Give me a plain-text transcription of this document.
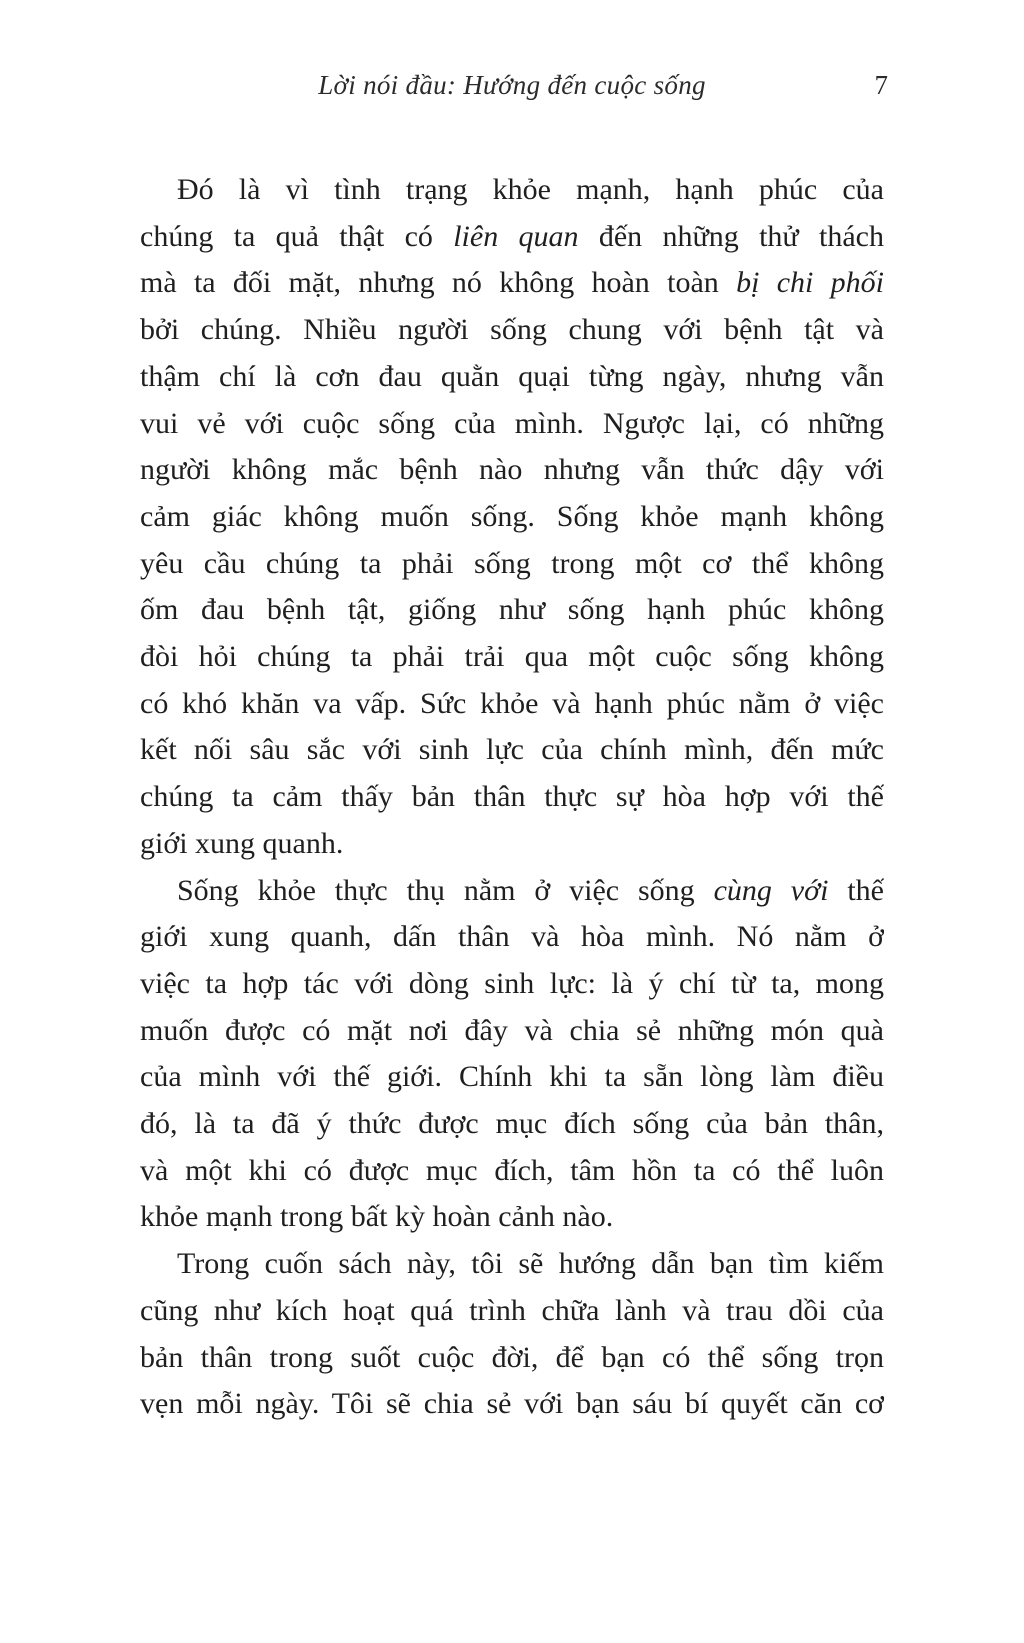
Lời nói đầu: Hướng đến cuộc sống	7
Đó là vì tình trạng khỏe mạnh, hạnh phúc của
chúng ta quả thật có liên quan đến những thử thách
mà ta đối mặt, nhưng nó không hoàn toàn bị chi phối
bởi chúng. Nhiều người sống chung với bệnh tật và
thậm chí là cơn đau quằn quại từng ngày, nhưng vẫn
vui vẻ với cuộc sống của mình. Ngược lại, có những
người không mắc bệnh nào nhưng vẫn thức dậy với
cảm giác không muốn sống. Sống khỏe mạnh không
yêu cầu chúng ta phải sống trong một cơ thể không
ốm đau bệnh tật, giống như sống hạnh phúc không
đòi hỏi chúng ta phải trải qua một cuộc sống không
có khó khăn va vấp. Sức khỏe và hạnh phúc nằm ở việc
kết nối sâu sắc với sinh lực của chính mình, đến mức
chúng ta cảm thấy bản thân thực sự hòa hợp với thế
giới xung quanh.
Sống khỏe thực thụ nằm ở việc sống cùng với thế
giới xung quanh, dấn thân và hòa mình. Nó nằm ở
việc ta hợp tác với dòng sinh lực: là ý chí từ ta, mong
muốn được có mặt nơi đây và chia sẻ những món quà
của mình với thế giới. Chính khi ta sẵn lòng làm điều
đó, là ta đã ý thức được mục đích sống của bản thân,
và một khi có được mục đích, tâm hồn ta có thể luôn
khỏe mạnh trong bất kỳ hoàn cảnh nào.
Trong cuốn sách này, tôi sẽ hướng dẫn bạn tìm kiếm
cũng như kích hoạt quá trình chữa lành và trau dồi của
bản thân trong suốt cuộc đời, để bạn có thể sống trọn
vẹn mỗi ngày. Tôi sẽ chia sẻ với bạn sáu bí quyết căn cơ
